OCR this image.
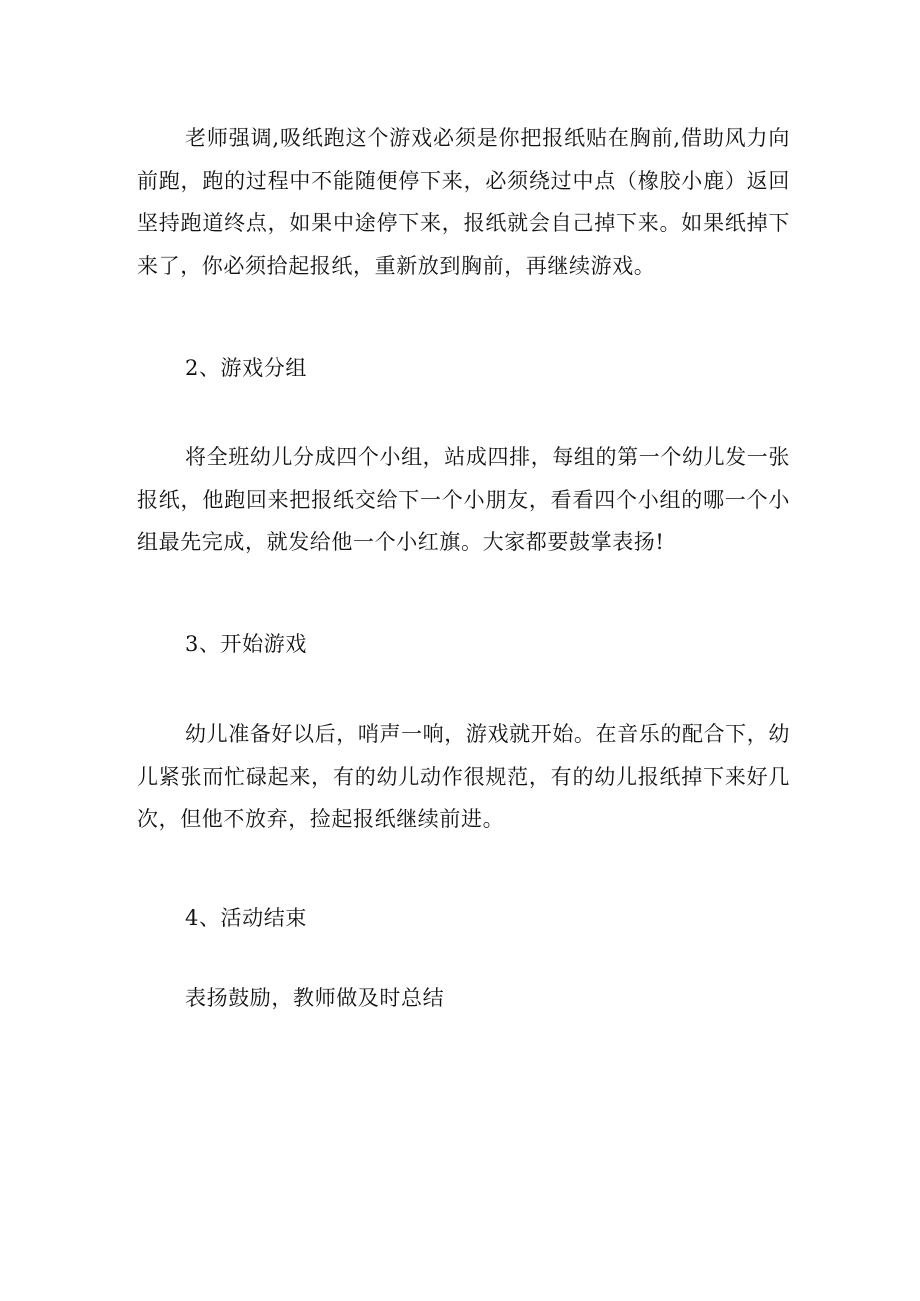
老师强调,吸纸跑这个游戏必须是你把报纸贴在胸前,借助风力向前跑，跑的过程中不能随便停下来，必须绕过中点（橡胶小鹿）返回坚持跑道终点，如果中途停下来，报纸就会自己掉下来。如果纸掉下来了，你必须拾起报纸，重新放到胸前，再继续游戏。

2、游戏分组

将全班幼儿分成四个小组，站成四排，每组的第一个幼儿发一张报纸，他跑回来把报纸交给下一个小朋友，看看四个小组的哪一个小组最先完成，就发给他一个小红旗。大家都要鼓掌表扬!

3、开始游戏

幼儿准备好以后，哨声一响，游戏就开始。在音乐的配合下，幼儿紧张而忙碌起来，有的幼儿动作很规范，有的幼儿报纸掉下来好几次，但他不放弃，捡起报纸继续前进。

4、活动结束

表扬鼓励，教师做及时总结
